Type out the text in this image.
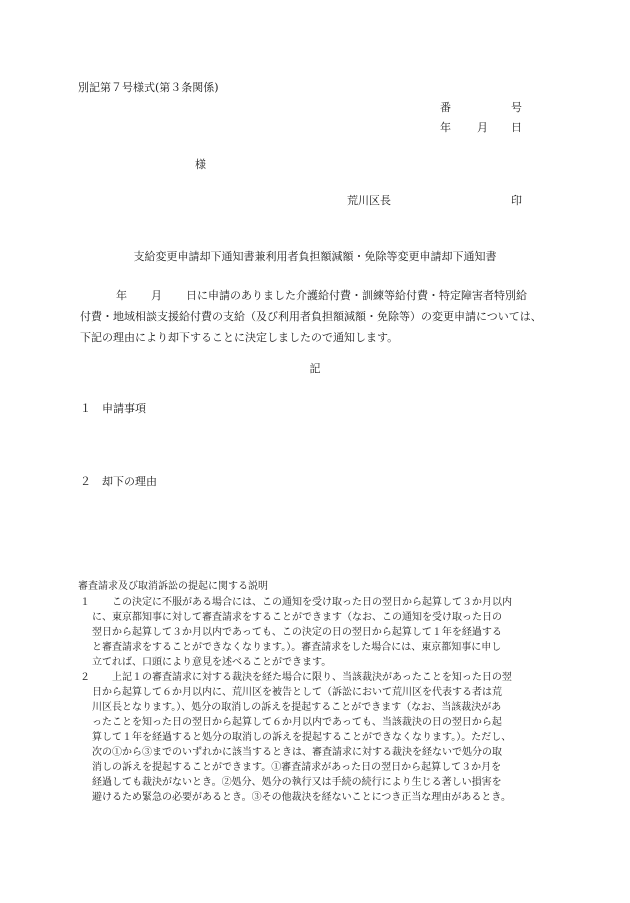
別記第７号様式(第３条関係)
番	号
年 月 日
様
荒川区長	印
支給変更申請却下通知書兼利用者負担額減額・免除等変更申請却下通知書
年 月 日に申請のありました介護給付費・訓練等給付費・特定障害者特別給
付費・地域相談支援給付費の支給（及び利用者負担額減額・免除等）の変更申請については、
下記の理由により却下することに決定しましたので通知します。
記
１　申請事項
２　却下の理由
審査請求及び取消訴訟の提起に関する説明
１ この決定に不服がある場合には、この通知を受け取った日の翌日から起算して３か月以内
に、東京都知事に対して審査請求をすることができます（なお、この通知を受け取った日の
翌日から起算して３か月以内であっても、この決定の日の翌日から起算して１年を経過する
と審査請求をすることができなくなります。）。審査請求をした場合には、東京都知事に申し
立てれば、口頭により意見を述べることができます。
２ 上記１の審査請求に対する裁決を経た場合に限り、当該裁決があったことを知った日の翌
日から起算して６か月以内に、荒川区を被告として（訴訟において荒川区を代表する者は荒
川区長となります。）、処分の取消しの訴えを提起することができます（なお、当該裁決があ
ったことを知った日の翌日から起算して６か月以内であっても、当該裁決の日の翌日から起
算して１年を経過すると処分の取消しの訴えを提起することができなくなります。）。ただし、
次の①から③までのいずれかに該当するときは、審査請求に対する裁決を経ないで処分の取
消しの訴えを提起することができます。①審査請求があった日の翌日から起算して３か月を
経過しても裁決がないとき。②処分、処分の執行又は手続の続行により生じる著しい損害を
避けるため緊急の必要があるとき。③その他裁決を経ないことにつき正当な理由があるとき。
